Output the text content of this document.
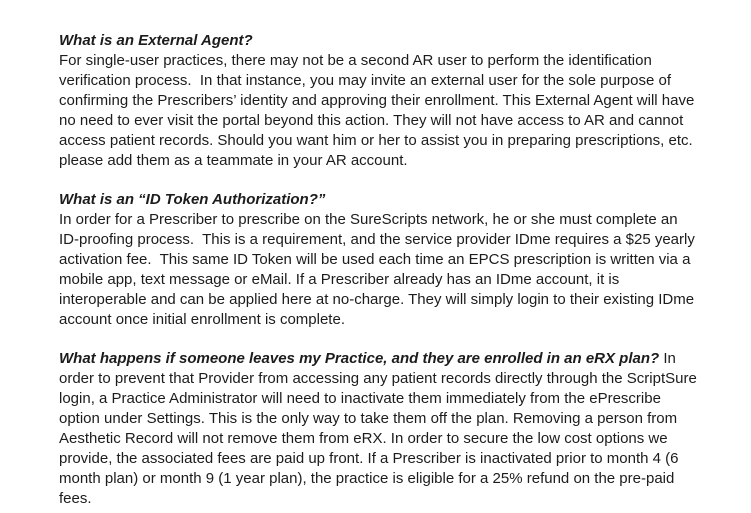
What is an External Agent?
For single-user practices, there may not be a second AR user to perform the identification verification process.  In that instance, you may invite an external user for the sole purpose of confirming the Prescribers’ identity and approving their enrollment. This External Agent will have no need to ever visit the portal beyond this action. They will not have access to AR and cannot access patient records. Should you want him or her to assist you in preparing prescriptions, etc. please add them as a teammate in your AR account.

What is an “ID Token Authorization?”
In order for a Prescriber to prescribe on the SureScripts network, he or she must complete an ID-proofing process.  This is a requirement, and the service provider IDme requires a $25 yearly activation fee.  This same ID Token will be used each time an EPCS prescription is written via a mobile app, text message or eMail. If a Prescriber already has an IDme account, it is interoperable and can be applied here at no-charge. They will simply login to their existing IDme account once initial enrollment is complete.

What happens if someone leaves my Practice, and they are enrolled in an eRX plan? In order to prevent that Provider from accessing any patient records directly through the ScriptSure login, a Practice Administrator will need to inactivate them immediately from the ePrescribe option under Settings. This is the only way to take them off the plan. Removing a person from Aesthetic Record will not remove them from eRX. In order to secure the low cost options we provide, the associated fees are paid up front. If a Prescriber is inactivated prior to month 4 (6 month plan) or month 9 (1 year plan), the practice is eligible for a 25% refund on the pre-paid fees.
